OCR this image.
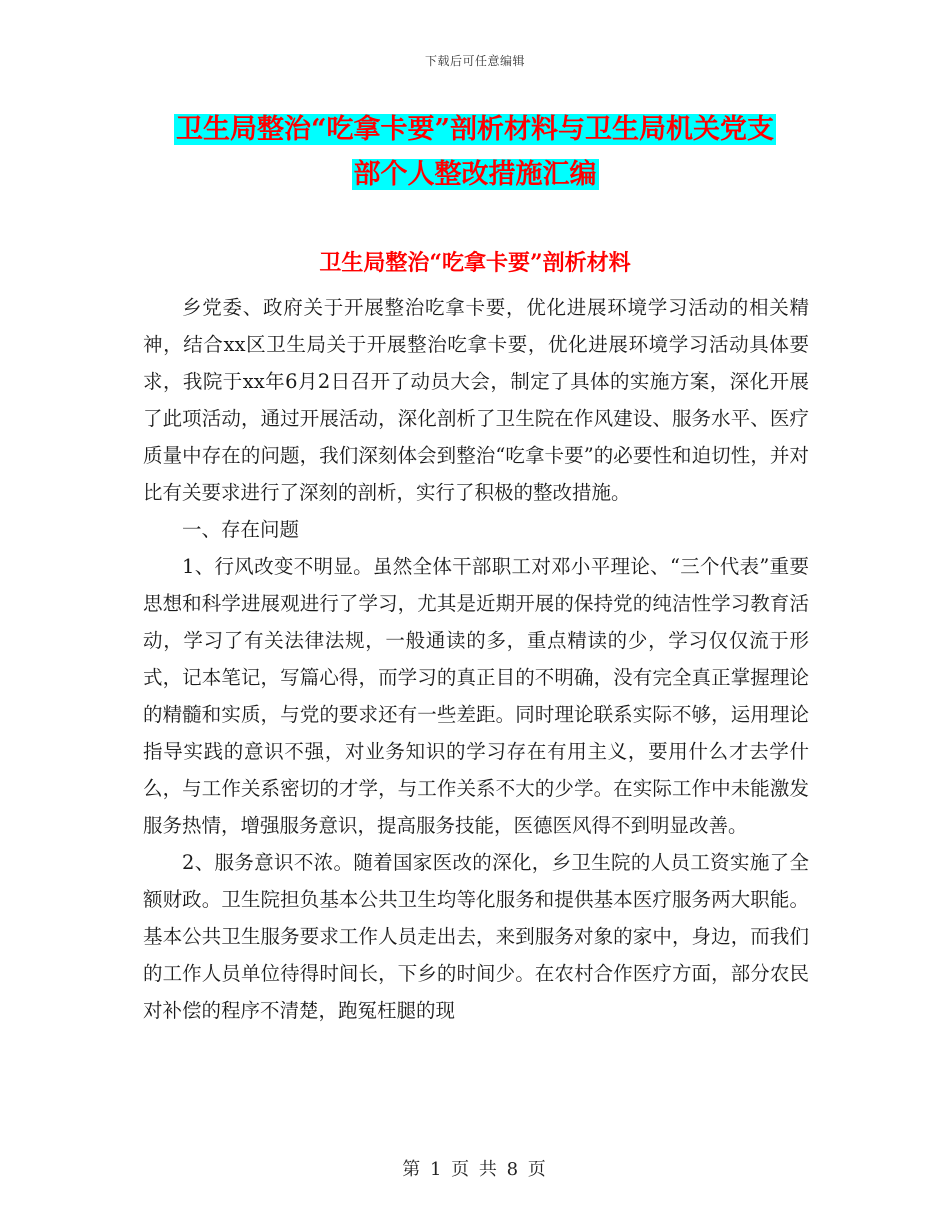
下载后可任意编辑
卫生局整治“吃拿卡要”剖析材料与卫生局机关党支
部个人整改措施汇编
卫生局整治“吃拿卡要”剖析材料

乡党委、政府关于开展整治吃拿卡要，优化进展环境学习活动的相关精神，结合xx区卫生局关于开展整治吃拿卡要，优化进展环境学习活动具体要求，我院于xx年6月2日召开了动员大会，制定了具体的实施方案，深化开展了此项活动，通过开展活动，深化剖析了卫生院在作风建设、服务水平、医疗质量中存在的问题，我们深刻体会到整治“吃拿卡要”的必要性和迫切性，并对比有关要求进行了深刻的剖析，实行了积极的整改措施。

一、存在问题

1、行风改变不明显。虽然全体干部职工对邓小平理论、“三个代表”重要思想和科学进展观进行了学习，尤其是近期开展的保持党的纯洁性学习教育活动，学习了有关法律法规，一般通读的多，重点精读的少，学习仅仅流于形式，记本笔记，写篇心得，而学习的真正目的不明确，没有完全真正掌握理论的精髓和实质，与党的要求还有一些差距。同时理论联系实际不够，运用理论指导实践的意识不强，对业务知识的学习存在有用主义，要用什么才去学什么，与工作关系密切的才学，与工作关系不大的少学。在实际工作中未能激发服务热情，增强服务意识，提高服务技能，医德医风得不到明显改善。

2、服务意识不浓。随着国家医改的深化，乡卫生院的人员工资实施了全额财政。卫生院担负基本公共卫生均等化服务和提供基本医疗服务两大职能。基本公共卫生服务要求工作人员走出去，来到服务对象的家中，身边，而我们的工作人员单位待得时间长，下乡的时间少。在农村合作医疗方面，部分农民对补偿的程序不清楚，跑冤枉腿的现

第 1 页 共 8 页
